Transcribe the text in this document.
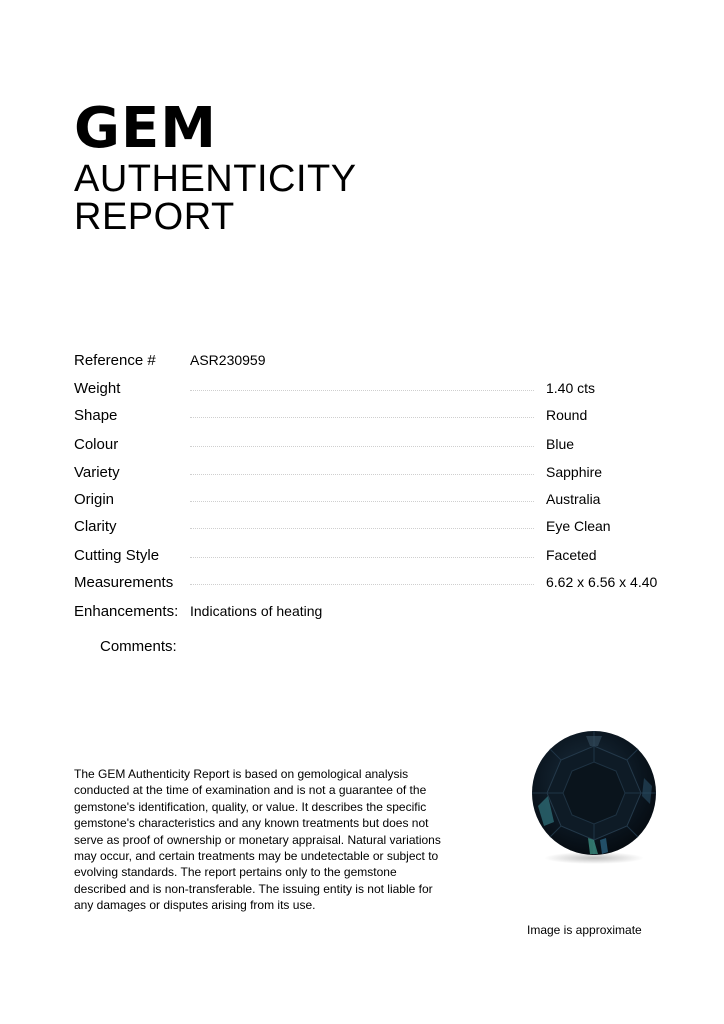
GEM
AUTHENTICITY
REPORT
Reference # ASR230959
Weight	1.40 cts
Shape	Round
Colour	Blue
Variety	Sapphire
Origin	Australia
Clarity	Eye Clean
Cutting Style	Faceted
Measurements	6.62 x 6.56 x 4.40
Enhancements: Indications of heating
Comments:
The GEM Authenticity Report is based on gemological analysis conducted at the time of examination and is not a guarantee of the gemstone's identification, quality, or value. It describes the specific gemstone's characteristics and any known treatments but does not serve as proof of ownership or monetary appraisal. Natural variations may occur, and certain treatments may be undetectable or subject to evolving standards. The report pertains only to the gemstone described and is non-transferable. The issuing entity is not liable for any damages or disputes arising from its use.
Image is approximate
